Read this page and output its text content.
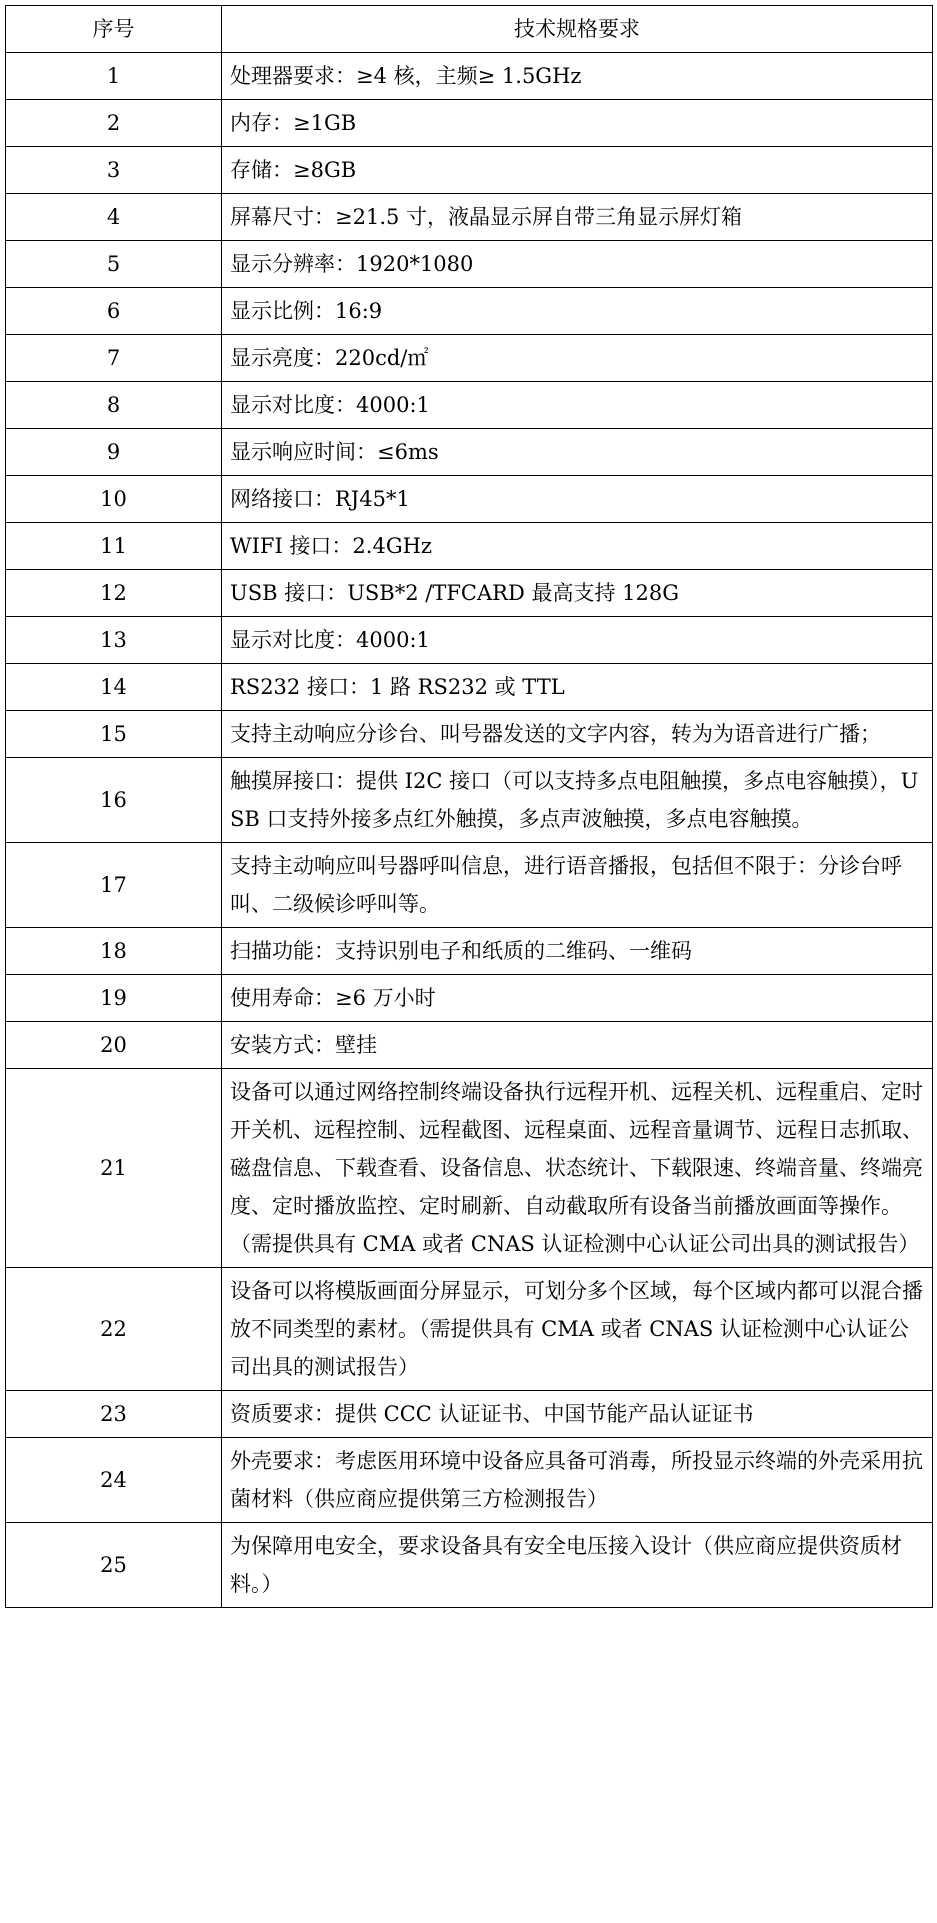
序号	技术规格要求
1	处理器要求：≥4 核，主频≥ 1.5GHz
2	内存：≥1GB
3	存储：≥8GB
4	屏幕尺寸：≥21.5 寸，液晶显示屏自带三角显示屏灯箱
5	显示分辨率：1920*1080
6	显示比例：16:9
7	显示亮度：220cd/㎡
8	显示对比度：4000:1
9	显示响应时间：≤6ms
10	网络接口：RJ45*1
11	WIFI 接口：2.4GHz
12	USB 接口：USB*2 /TFCARD 最高支持 128G
13	显示对比度：4000:1
14	RS232 接口：1 路 RS232 或 TTL
15	支持主动响应分诊台、叫号器发送的文字内容，转为为语音进行广播；
16	触摸屏接口：提供 I2C 接口（可以支持多点电阻触摸，多点电容触摸），USB 口支持外接多点红外触摸，多点声波触摸，多点电容触摸。
17	支持主动响应叫号器呼叫信息，进行语音播报，包括但不限于：分诊台呼叫、二级候诊呼叫等。
18	扫描功能：支持识别电子和纸质的二维码、一维码
19	使用寿命：≥6 万小时
20	安装方式：壁挂
21	设备可以通过网络控制终端设备执行远程开机、远程关机、远程重启、定时开关机、远程控制、远程截图、远程桌面、远程音量调节、远程日志抓取、磁盘信息、下载查看、设备信息、状态统计、下载限速、终端音量、终端亮度、定时播放监控、定时刷新、自动截取所有设备当前播放画面等操作。（需提供具有 CMA 或者 CNAS 认证检测中心认证公司出具的测试报告）
22	设备可以将模版画面分屏显示，可划分多个区域，每个区域内都可以混合播放不同类型的素材。（需提供具有 CMA 或者 CNAS 认证检测中心认证公司出具的测试报告）
23	资质要求：提供 CCC 认证证书、中国节能产品认证证书
24	外壳要求：考虑医用环境中设备应具备可消毒，所投显示终端的外壳采用抗菌材料（供应商应提供第三方检测报告）
25	为保障用电安全，要求设备具有安全电压接入设计（供应商应提供资质材料。）
